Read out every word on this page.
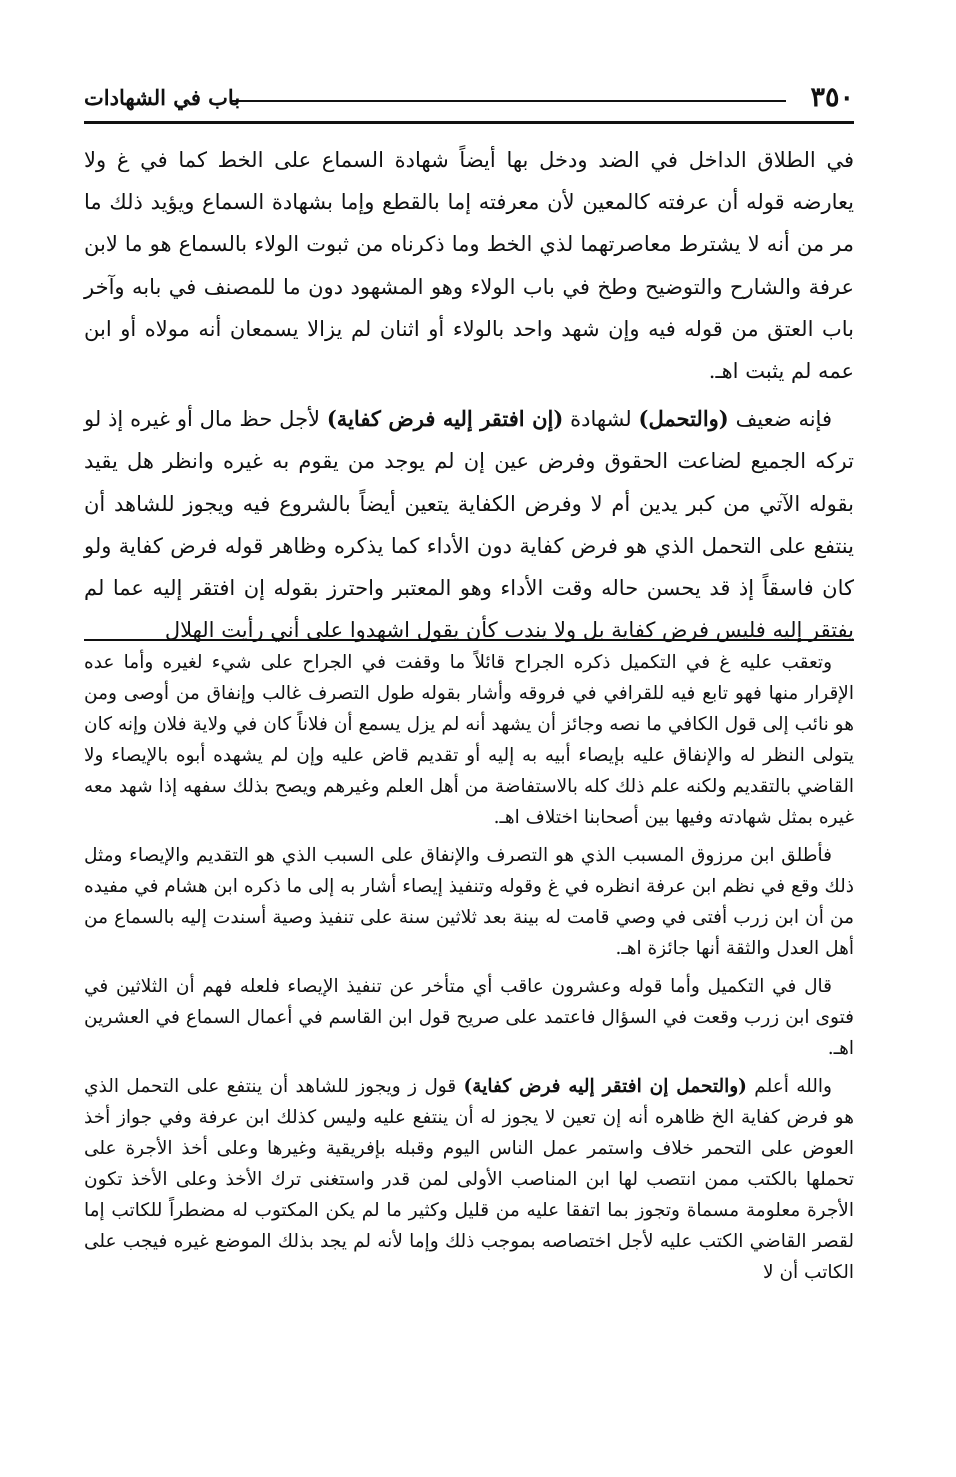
٣٥٠
باب في الشهادات

في الطلاق الداخل في الضد ودخل بها أيضاً شهادة السماع على الخط كما في غ ولا يعارضه قوله أن عرفته كالمعين لأن معرفته إما بالقطع وإما بشهادة السماع ويؤيد ذلك ما مر من أنه لا يشترط معاصرتهما لذي الخط وما ذكرناه من ثبوت الولاء بالسماع هو ما لابن عرفة والشارح والتوضيح وطخ في باب الولاء وهو المشهود دون ما للمصنف في بابه وآخر باب العتق من قوله فيه وإن شهد واحد بالولاء أو اثنان لم يزالا يسمعان أنه مولاه أو ابن عمه لم يثبت اهـ.

فإنه ضعيف (والتحمل) لشهادة (إن افتقر إليه فرض كفاية) لأجل حظ مال أو غيره إذ لو تركه الجميع لضاعت الحقوق وفرض عين إن لم يوجد من يقوم به غيره وانظر هل يقيد بقوله الآتي من كبر يدين أم لا وفرض الكفاية يتعين أيضاً بالشروع فيه ويجوز للشاهد أن ينتفع على التحمل الذي هو فرض كفاية دون الأداء كما يذكره وظاهر قوله فرض كفاية ولو كان فاسقاً إذ قد يحسن حاله وقت الأداء وهو المعتبر واحترز بقوله إن افتقر إليه عما لم يفتقر إليه فليس فرض كفاية بل ولا يندب كأن يقول اشهدوا على أني رأيت الهلال

وتعقب عليه غ في التكميل ذكره الجراح قائلاً ما وقفت في الجراح على شيء لغيره وأما عده الإقرار منها فهو تابع فيه للقرافي في فروقه وأشار بقوله طول التصرف غالب وإنفاق من أوصى ومن هو نائب إلى قول الكافي ما نصه وجائز أن يشهد أنه لم يزل يسمع أن فلاناً كان في ولاية فلان وإنه كان يتولى النظر له والإنفاق عليه بإيصاء أبيه به إليه أو تقديم قاض عليه وإن لم يشهده أبوه بالإيصاء ولا القاضي بالتقديم ولكنه علم ذلك كله بالاستفاضة من أهل العلم وغيرهم ويصح بذلك سفهه إذا شهد معه غيره بمثل شهادته وفيها بين أصحابنا اختلاف اهـ.

فأطلق ابن مرزوق المسبب الذي هو التصرف والإنفاق على السبب الذي هو التقديم والإيصاء ومثل ذلك وقع في نظم ابن عرفة انظره في غ وقوله وتنفيذ إيصاء أشار به إلى ما ذكره ابن هشام في مفيده من أن ابن زرب أفتى في وصي قامت له بينة بعد ثلاثين سنة على تنفيذ وصية أسندت إليه بالسماع من أهل العدل والثقة أنها جائزة اهـ.

قال في التكميل وأما قوله وعشرون عاقب أي متأخر عن تنفيذ الإيصاء فلعله فهم أن الثلاثين في فتوى ابن زرب وقعت في السؤال فاعتمد على صريح قول ابن القاسم في أعمال السماع في العشرين اهـ.

والله أعلم (والتحمل إن افتقر إليه فرض كفاية) قول ز ويجوز للشاهد أن ينتفع على التحمل الذي هو فرض كفاية الخ ظاهره أنه إن تعين لا يجوز له أن ينتفع عليه وليس كذلك ابن عرفة وفي جواز أخذ العوض على التحمر خلاف واستمر عمل الناس اليوم وقبله بإفريقية وغيرها وعلى أخذ الأجرة على تحملها بالكتب ممن انتصب لها ابن المناصب الأولى لمن قدر واستغنى ترك الأخذ وعلى الأخذ تكون الأجرة معلومة مسماة وتجوز بما اتفقا عليه من قليل وكثير ما لم يكن المكتوب له مضطراً للكاتب إما لقصر القاضي الكتب عليه لأجل اختصاصه بموجب ذلك وإما لأنه لم يجد بذلك الموضع غيره فيجب على الكاتب أن لا
